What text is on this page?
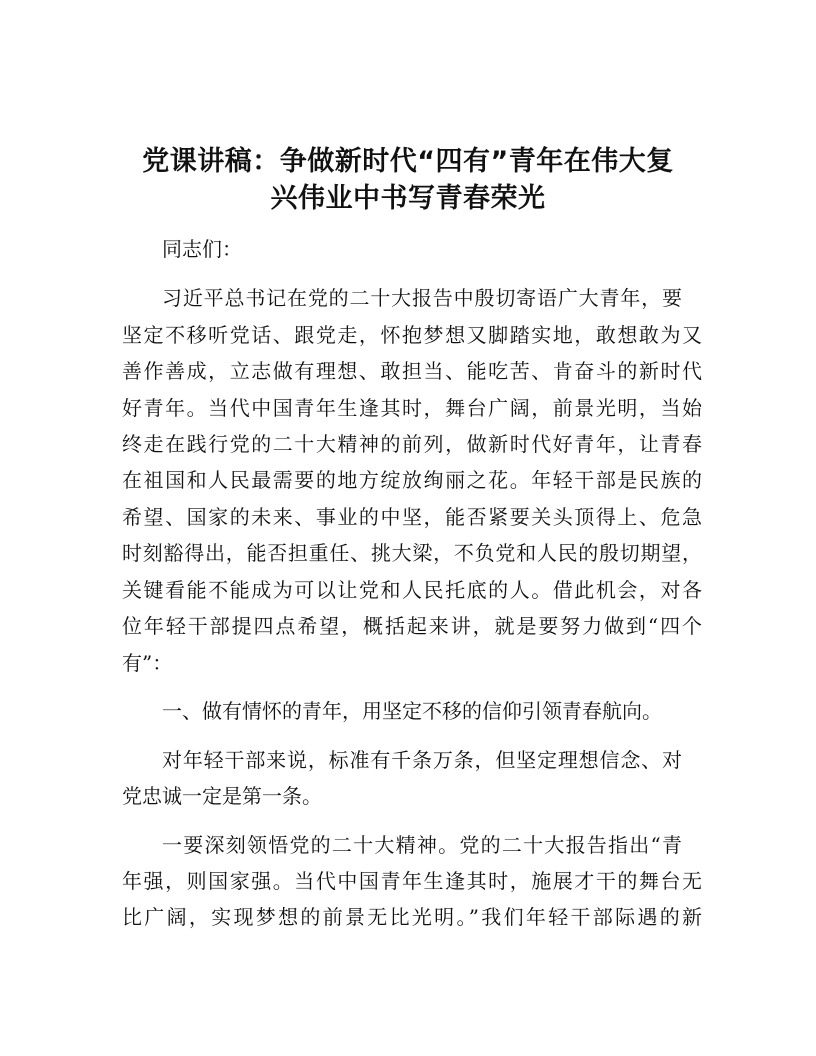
党课讲稿：争做新时代“四有”青年在伟大复
兴伟业中书写青春荣光
同志们：
习近平总书记在党的二十大报告中殷切寄语广大青年，要
坚定不移听党话、跟党走，怀抱梦想又脚踏实地，敢想敢为又
善作善成，立志做有理想、敢担当、能吃苦、肯奋斗的新时代
好青年。当代中国青年生逢其时，舞台广阔，前景光明，当始
终走在践行党的二十大精神的前列，做新时代好青年，让青春
在祖国和人民最需要的地方绽放绚丽之花。年轻干部是民族的
希望、国家的未来、事业的中坚，能否紧要关头顶得上、危急
时刻豁得出，能否担重任、挑大梁，不负党和人民的殷切期望，
关键看能不能成为可以让党和人民托底的人。借此机会，对各
位年轻干部提四点希望，概括起来讲，就是要努力做到“四个
有”：
一、做有情怀的青年，用坚定不移的信仰引领青春航向。
对年轻干部来说，标准有千条万条，但坚定理想信念、对
党忠诚一定是第一条。
一要深刻领悟党的二十大精神。党的二十大报告指出“青
年强，则国家强。当代中国青年生逢其时，施展才干的舞台无
比广阔，实现梦想的前景无比光明。”我们年轻干部际遇的新
